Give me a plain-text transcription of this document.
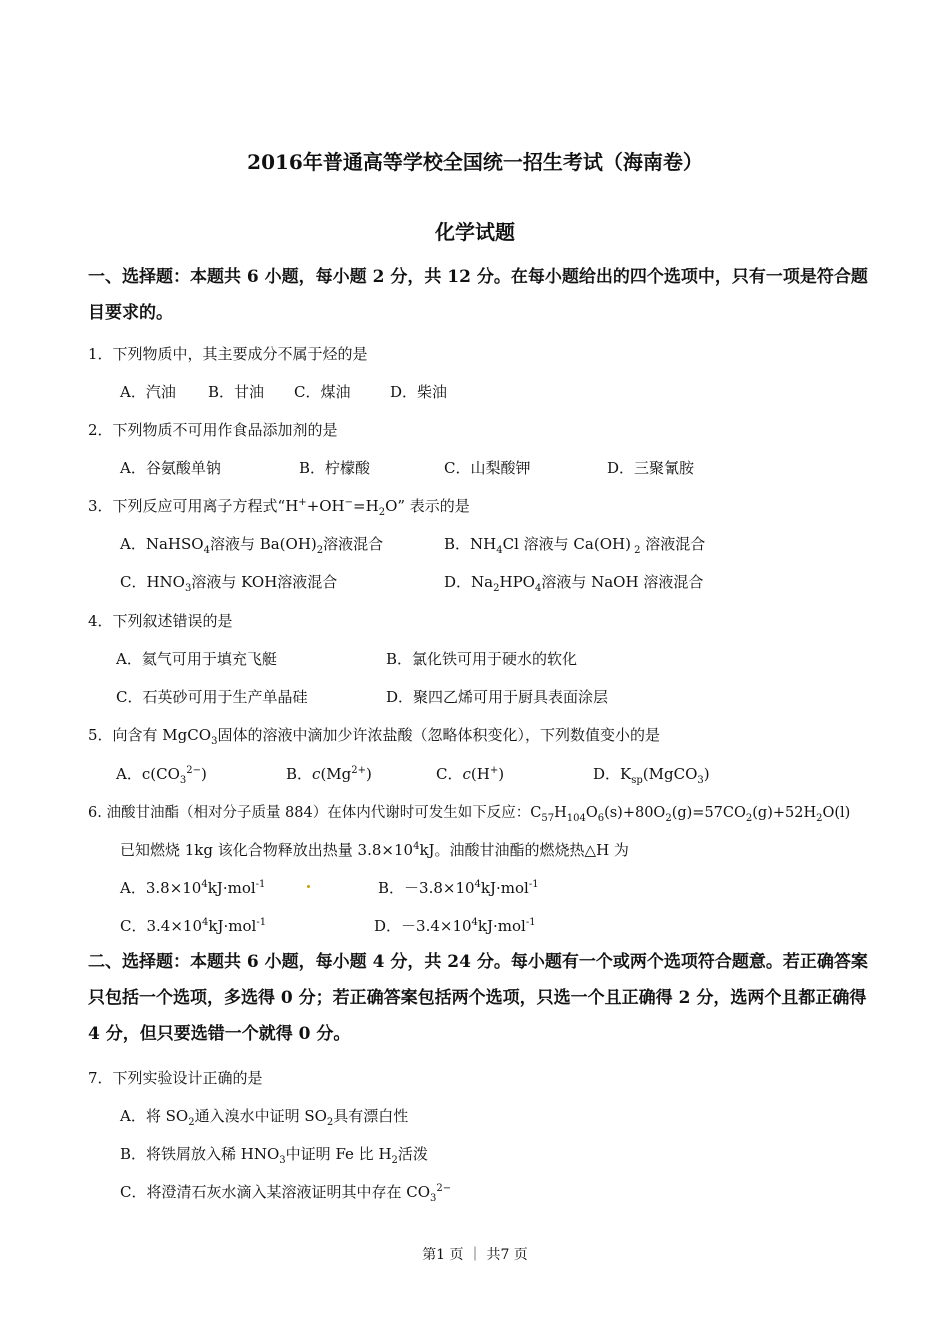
2016年普通高等学校全国统一招生考试（海南卷）
化学试题
一、选择题：本题共 6 小题，每小题 2 分，共 12 分。在每小题给出的四个选项中，只有一项是符合题目要求的。
1．下列物质中，其主要成分不属于烃的是
A．汽油 B．甘油 C．煤油	D．柴油
2．下列物质不可用作食品添加剂的是
A．谷氨酸单钠	B．柠檬酸	C．山梨酸钾	D．三聚氰胺
3．下列反应可用离子方程式“$H^++OH^-=H_2O$” 表示的是
A．NaHSO$_4$溶液与 $Ba(OH)_2$溶液混合	B．$NH_4Cl$ 溶液与 Ca(OH) $_2$ 溶液混合
C．$HNO_3$溶液与 KOH溶液混合	D．$Na_2HPO_4$溶液与 NaOH 溶液混合
4．下列叙述错误的是
A．氦气可用于填充飞艇	B．氯化铁可用于硬水的软化
C．石英砂可用于生产单晶硅	D．聚四乙烯可用于厨具表面涂层
5．向含有 MgCO$_3$固体的溶液中滴加少许浓盐酸（忽略体积变化），下列数值变小的是
A．$c(CO_3^{2-})$	B．$c(Mg^{2+})$	C．c(H+)	D．$K_{sp}(MgCO_3)$
6. 油酸甘油酯（相对分子质量 884）在体内代谢时可发生如下反应：$C_{57}H_{104}O_6(s)+80O_2(g)=57CO_2(g)+52H_2O(l)$
已知燃烧 1kg 该化合物释放出热量 $3.8\times 10^4kJ$。油酸甘油酯的燃烧热△H 为
A．$3.8\times 10^4kJ\cdot mol^{-1}$	B．$-3.8\times 10^4kJ\cdot mol^{-1}$
C．$3.4\times 10^4kJ\cdot mol^{-1}$	D．$-3.4\times 10^4kJ\cdot mol^{-1}$
二、选择题：本题共 6 小题，每小题 4 分，共 24 分。每小题有一个或两个选项符合题意。若正确答案只包括一个选项，多选得 0 分；若正确答案包括两个选项，只选一个且正确得 2 分，选两个且都正确得 4 分，但只要选错一个就得 0 分。
7．下列实验设计正确的是
A．将 $SO_2$通入溴水中证明 $SO_2$具有漂白性
B．将铁屑放入稀 $HNO_3$中证明 Fe 比 $H_2$活泼
C．将澄清石灰水滴入某溶液证明其中存在 $CO_3^{2-}$
第1 页 ｜ 共7 页
